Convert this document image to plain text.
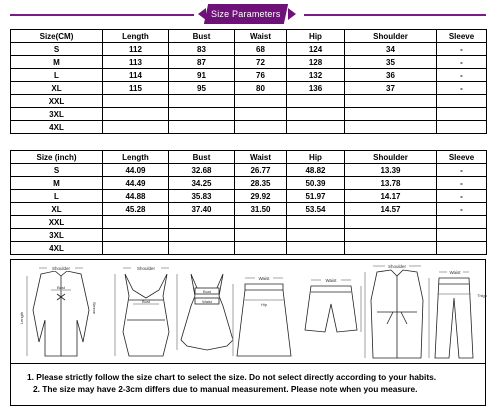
Size Parameters
Size(CM)	Length	Bust	Waist	Hip	Shoulder	Sleeve
S	112	83	68	124	34	-
M	113	87	72	128	35	-
L	114	91	76	132	36	-
XL	115	95	80	136	37	-
XXL						
3XL						
4XL						
Size (inch)	Length	Bust	Waist	Hip	Shoulder	Sleeve
S	44.09	32.68	26.77	48.82	13.39	-
M	44.49	34.25	28.35	50.39	13.78	-
L	44.88	35.83	29.92	51.97	14.17	-
XL	45.28	37.40	31.50	53.54	14.57	-
XXL						
3XL						
4XL						
Shoulder
Length
Bust
Sleeve
Shoulder
Bust
Bust
Waist
Waist
Hip
Waist
Shoulder
Waist
Thigh
1. Please strictly follow the size chart to select the size. Do not select directly according to your habits.
2. The size may have 2-3cm differs due to manual measurement. Please note when you measure.
